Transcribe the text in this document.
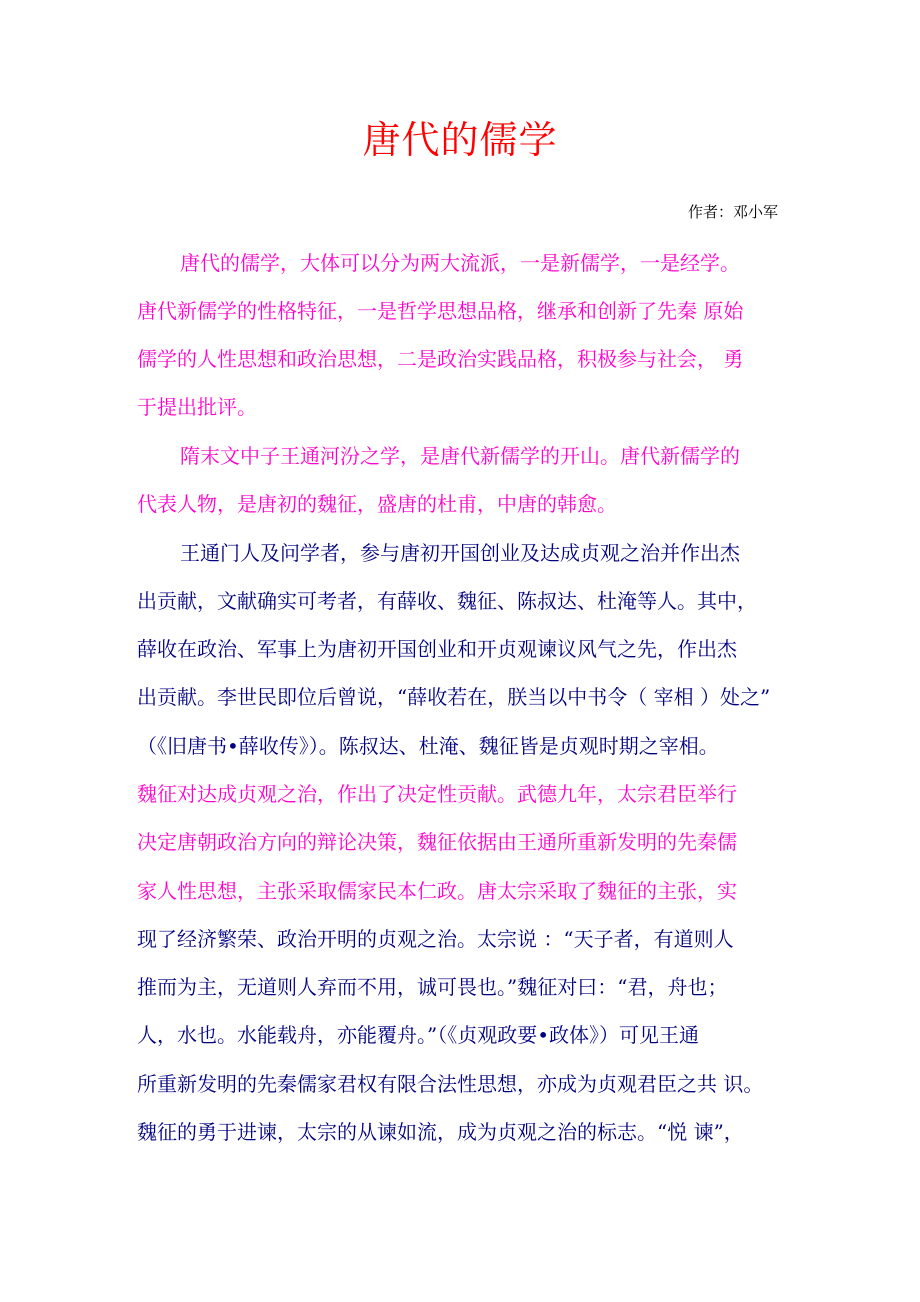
唐代的儒学
作者：邓小军
唐代的儒学，大体可以分为两大流派，一是新儒学，一是经学。
唐代新儒学的性格特征，一是哲学思想品格，继承和创新了先秦 原始
儒学的人性思想和政治思想，二是政治实践品格，积极参与社会， 勇
于提出批评。
隋末文中子王通河汾之学，是唐代新儒学的开山。唐代新儒学的
代表人物，是唐初的魏征，盛唐的杜甫，中唐的韩愈。
王通门人及问学者，参与唐初开国创业及达成贞观之治并作出杰
出贡献，文献确实可考者，有薛收、魏征、陈叔达、杜淹等人。其中，
薛收在政治、军事上为唐初开国创业和开贞观谏议风气之先，作出杰
出贡献。李世民即位后曾说，“薛收若在，朕当以中书令（ 宰相 ）处之”
（《旧唐书•薛收传》）。陈叔达、杜淹、魏征皆是贞观时期之宰相。
魏征对达成贞观之治，作出了决定性贡献。武德九年，太宗君臣举行
决定唐朝政治方向的辩论决策，魏征依据由王通所重新发明的先秦儒
家人性思想，主张采取儒家民本仁政。唐太宗采取了魏征的主张，实
现了经济繁荣、政治开明的贞观之治。太宗说 ：“天子者，有道则人
推而为主，无道则人弃而不用，诚可畏也。”魏征对曰：“君，舟也；
人，水也。水能载舟，亦能覆舟。”（《贞观政要•政体》）可见王通
所重新发明的先秦儒家君权有限合法性思想，亦成为贞观君臣之共 识。
魏征的勇于进谏，太宗的从谏如流，成为贞观之治的标志。“悦 谏”，
